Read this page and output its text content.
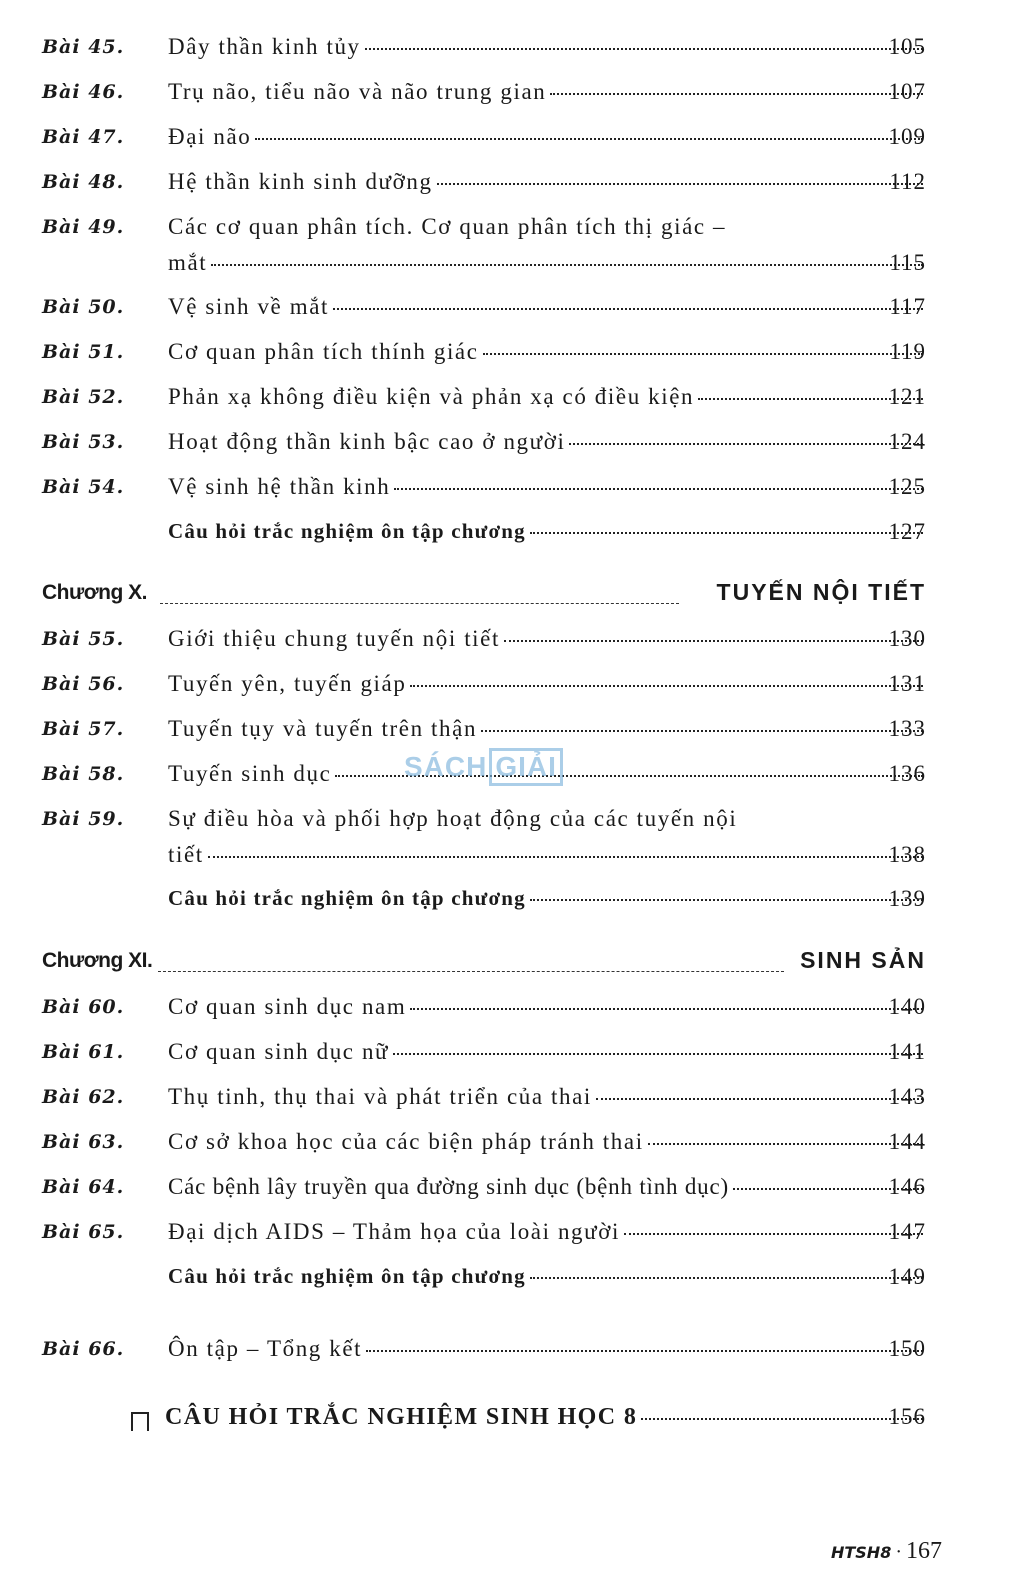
Bài 45.	Dây thần kinh tủy	105
Bài 46.	Trụ não, tiểu não và não trung gian	107
Bài 47.	Đại não	109
Bài 48.	Hệ thần kinh sinh dưỡng	112
Bài 49.	Các cơ quan phân tích. Cơ quan phân tích thị giác –
mắt	115
Bài 50.	Vệ sinh về mắt	117
Bài 51.	Cơ quan phân tích thính giác	119
Bài 52.	Phản xạ không điều kiện và phản xạ có điều kiện	121
Bài 53.	Hoạt động thần kinh bậc cao ở người	124
Bài 54.	Vệ sinh hệ thần kinh	125
Câu hỏi trắc nghiệm ôn tập chương	127
Chương X.	TUYẾN NỘI TIẾT
Bài 55.	Giới thiệu chung tuyến nội tiết	130
Bài 56.	Tuyến yên, tuyến giáp	131
Bài 57.	Tuyến tụy và tuyến trên thận	133
Bài 58.	Tuyến sinh dục	136
Bài 59.	Sự điều hòa và phối hợp hoạt động của các tuyến nội
tiết	138
Câu hỏi trắc nghiệm ôn tập chương	139
Chương XI.	SINH SẢN
Bài 60.	Cơ quan sinh dục nam	140
Bài 61.	Cơ quan sinh dục nữ	141
Bài 62.	Thụ tinh, thụ thai và phát triển của thai	143
Bài 63.	Cơ sở khoa học của các biện pháp tránh thai	144
Bài 64.	Các bệnh lây truyền qua đường sinh dục (bệnh tình dục)	146
Bài 65.	Đại dịch AIDS – Thảm họa của loài người	147
Câu hỏi trắc nghiệm ôn tập chương	149
Bài 66.	Ôn tập – Tổng kết	150
CÂU HỎI TRẮC NGHIỆM SINH HỌC 8	156
SÁCH GIẢI
HTSH8 · 167
